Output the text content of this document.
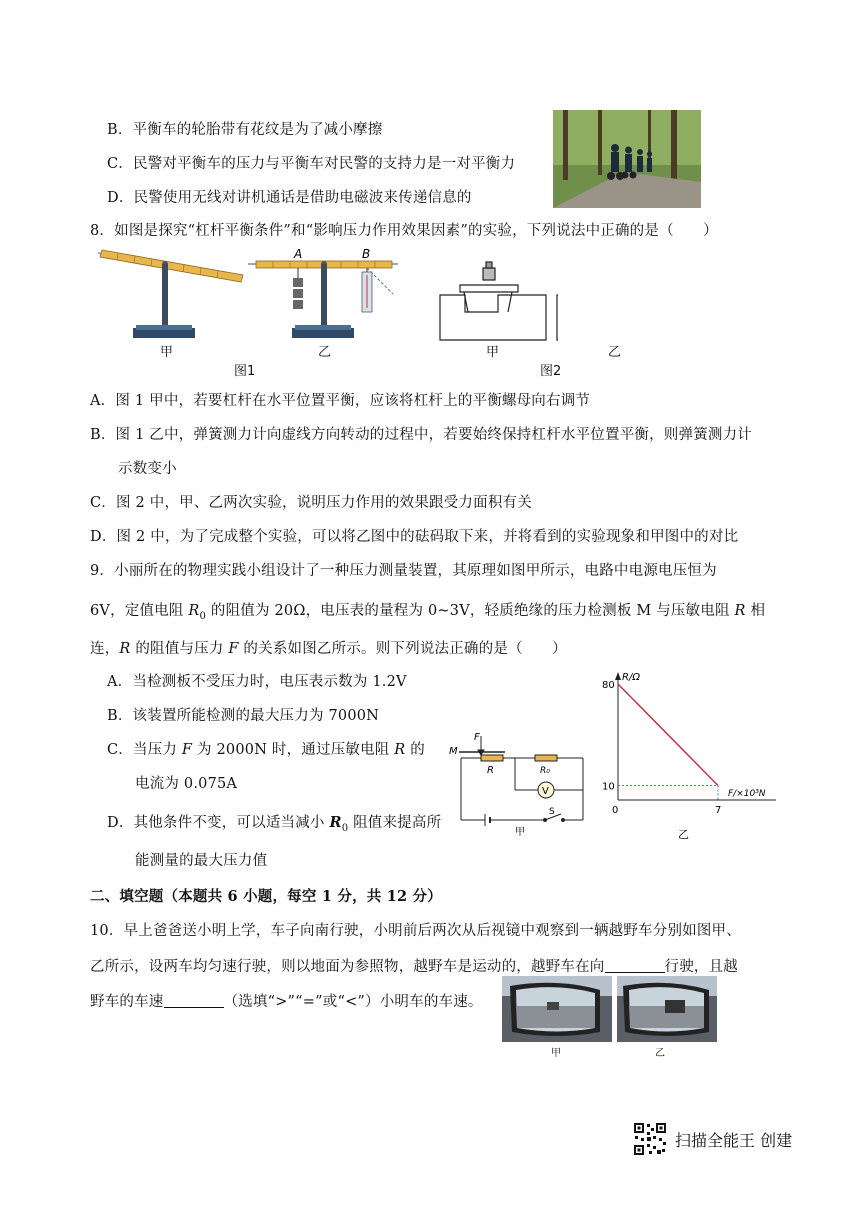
B．平衡车的轮胎带有花纹是为了减小摩擦
C．民警对平衡车的压力与平衡车对民警的支持力是一对平衡力
D．民警使用无线对讲机通话是借助电磁波来传递信息的
8．如图是探究“杠杆平衡条件”和“影响压力作用效果因素”的实验，下列说法中正确的是（　　）
A	B
甲	乙	甲	乙
图1	图2
A．图 1 甲中，若要杠杆在水平位置平衡，应该将杠杆上的平衡螺母向右调节
B．图 1 乙中，弹簧测力计向虚线方向转动的过程中，若要始终保持杠杆水平位置平衡，则弹簧测力计
示数变小
C．图 2 中，甲、乙两次实验，说明压力作用的效果跟受力面积有关
D．图 2 中，为了完成整个实验，可以将乙图中的砝码取下来，并将看到的实验现象和甲图中的对比
9．小丽所在的物理实践小组设计了一种压力测量装置，其原理如图甲所示，电路中电源电压恒为
6V，定值电阻 $R_0$ 的阻值为 20Ω，电压表的量程为 0~3V，轻质绝缘的压力检测板 M 与压敏电阻 R 相
连，R 的阻值与压力 F 的关系如图乙所示。则下列说法正确的是（　　）
A．当检测板不受压力时，电压表示数为 1.2V
B．该装置所能检测的最大压力为 7000N
C．当压力 F 为 2000N 时，通过压敏电阻 R 的
电流为 0.075A
D．其他条件不变，可以适当减小 $R_0$ 阻值来提高所
能测量的最大压力值
M
F
R	R₀
V
S
甲
R/Ω
F/×10³N
80
10
0	7
乙
二、填空题（本题共 6 小题，每空 1 分，共 12 分）
10．早上爸爸送小明上学，车子向南行驶，小明前后两次从后视镜中观察到一辆越野车分别如图甲、
乙所示，设两车均匀速行驶，则以地面为参照物，越野车是运动的，越野车在向	行驶，且越
野车的车速	（选填“>”“=”或“<”）小明车的车速。
甲	乙
扫描全能王 创建
